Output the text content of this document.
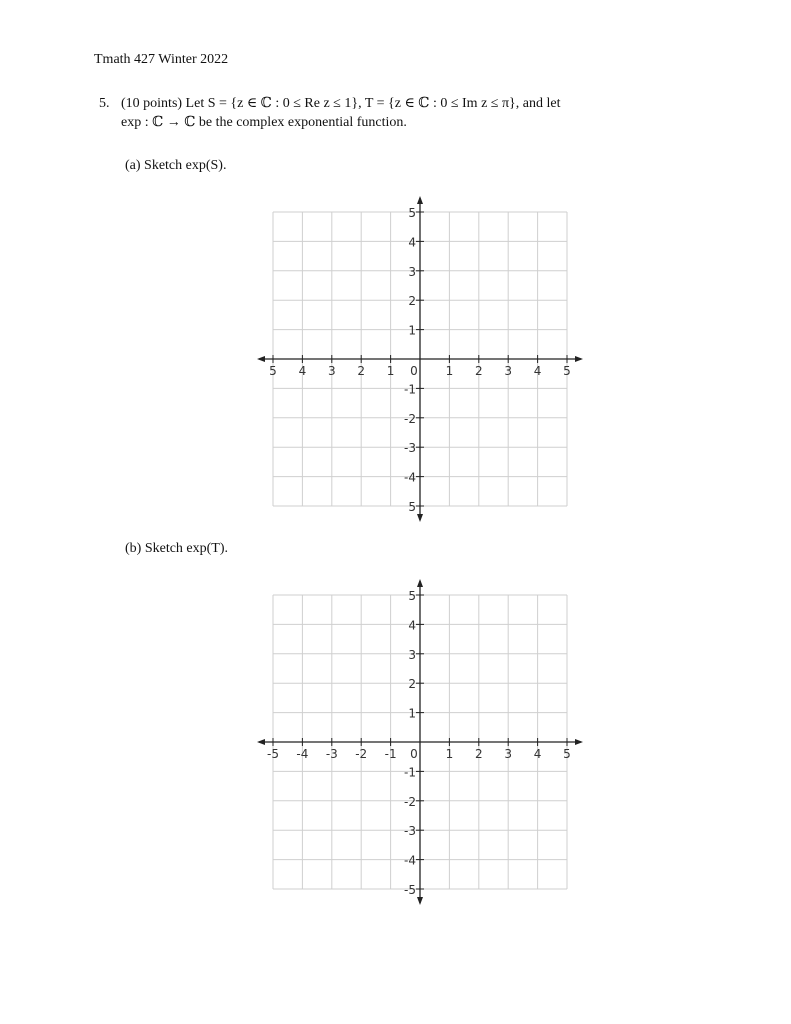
Tmath 427 Winter 2022
5. (10 points) Let S = {z ∈ ℂ : 0 ≤ Re z ≤ 1}, T = {z ∈ ℂ : 0 ≤ Im z ≤ π}, and let
exp : ℂ → ℂ be the complex exponential function.
(a) Sketch exp(S).
(b) Sketch exp(T).
5 4 3 2 1 0 1 2 3 4 5
5
4
3
2
1
-1
-2
-3
-4
5
-5 -4 -3 -2 -1 0 1 2 3 4 5
5
4
3
2
1
-1
-2
-3
-4
-5
